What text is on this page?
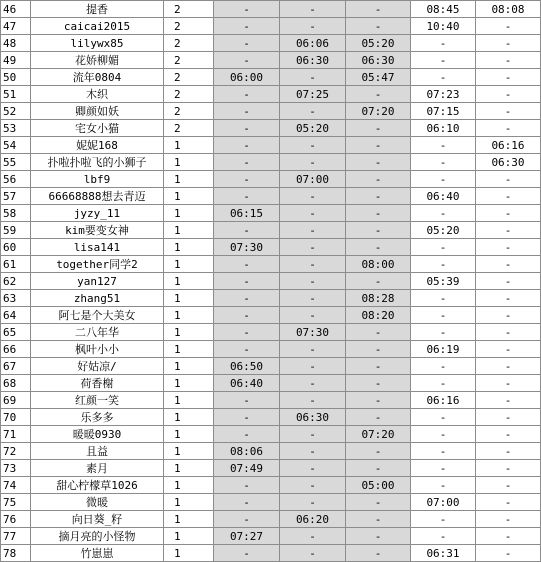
46	提香	2	-	-	-	08:45	08:08
47	caicai2015	2	-	-	-	10:40	-
48	lilywx85	2	-	06:06	05:20	-	-
49	花娇柳媚	2	-	06:30	06:30	-	-
50	流年0804	2	06:00	-	05:47	-	-
51	木织	2	-	07:25	-	07:23	-
52	卿颜如妖	2	-	-	07:20	07:15	-
53	宅女小猫	2	-	05:20	-	06:10	-
54	妮妮168	1	-	-	-	-	06:16
55	扑啦扑啦飞的小狮子	1	-	-	-	-	06:30
56	lbf9	1	-	07:00	-	-	-
57	66668888想去青迈	1	-	-	-	06:40	-
58	jyzy_11	1	06:15	-	-	-	-
59	kim要变女神	1	-	-	-	05:20	-
60	lisa141	1	07:30	-	-	-	-
61	together同学2	1	-	-	08:00	-	-
62	yan127	1	-	-	-	05:39	-
63	zhang51	1	-	-	08:28	-	-
64	阿七是个大美女	1	-	-	08:20	-	-
65	二八年华	1	-	07:30	-	-	-
66	枫叶小小	1	-	-	-	06:19	-
67	好姑凉/	1	06:50	-	-	-	-
68	荷香榭	1	06:40	-	-	-	-
69	红颜一笑	1	-	-	-	06:16	-
70	乐多多	1	-	06:30	-	-	-
71	暖暖0930	1	-	-	07:20	-	-
72	且益	1	08:06	-	-	-	-
73	素月	1	07:49	-	-	-	-
74	甜心柠檬草1026	1	-	-	05:00	-	-
75	微暖	1	-	-	-	07:00	-
76	向日葵_籽	1	-	06:20	-	-	-
77	摘月亮的小怪物	1	07:27	-	-	-	-
78	竹崽崽	1	-	-	-	06:31	-
